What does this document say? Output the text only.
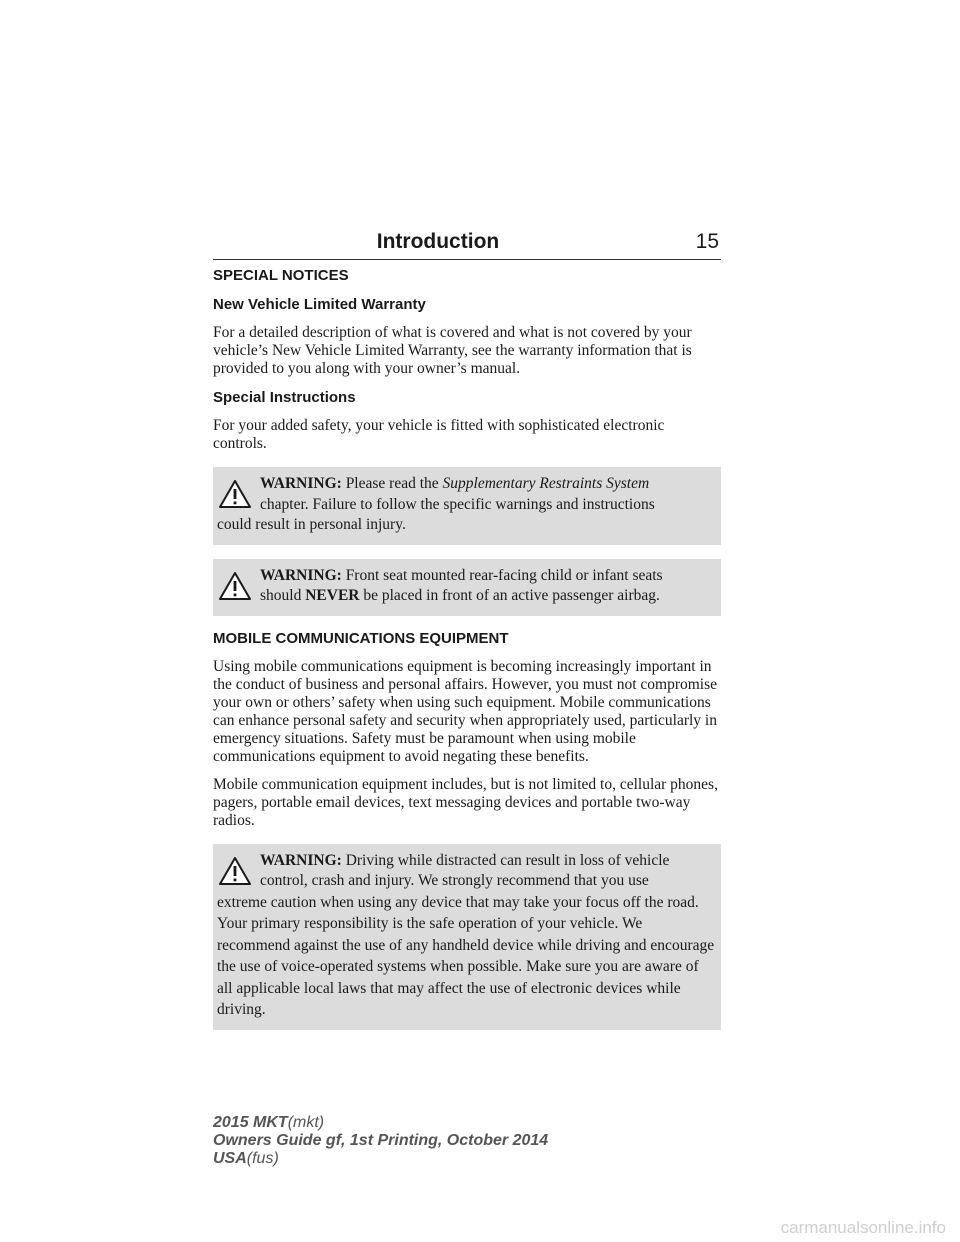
Introduction	15
SPECIAL NOTICES
New Vehicle Limited Warranty

For a detailed description of what is covered and what is not covered by your vehicle’s New Vehicle Limited Warranty, see the warranty information that is provided to you along with your owner’s manual.

Special Instructions

For your added safety, your vehicle is fitted with sophisticated electronic controls.

WARNING: Please read the Supplementary Restraints System
chapter. Failure to follow the specific warnings and instructions
could result in personal injury.
WARNING: Front seat mounted rear-facing child or infant seats
should NEVER be placed in front of an active passenger airbag.
MOBILE COMMUNICATIONS EQUIPMENT

Using mobile communications equipment is becoming increasingly important in the conduct of business and personal affairs. However, you must not compromise your own or others’ safety when using such equipment. Mobile communications can enhance personal safety and security when appropriately used, particularly in emergency situations. Safety must be paramount when using mobile communications equipment to avoid negating these benefits.

Mobile communication equipment includes, but is not limited to, cellular phones, pagers, portable email devices, text messaging devices and portable two-way radios.

WARNING: Driving while distracted can result in loss of vehicle
control, crash and injury. We strongly recommend that you use
extreme caution when using any device that may take your focus off the road. Your primary responsibility is the safe operation of your vehicle. We recommend against the use of any handheld device while driving and encourage the use of voice-operated systems when possible. Make sure you are aware of all applicable local laws that may affect the use of electronic devices while driving.
2015 MKT(mkt)
Owners Guide gf, 1st Printing, October 2014
USA(fus)
carmanualsonline.info
